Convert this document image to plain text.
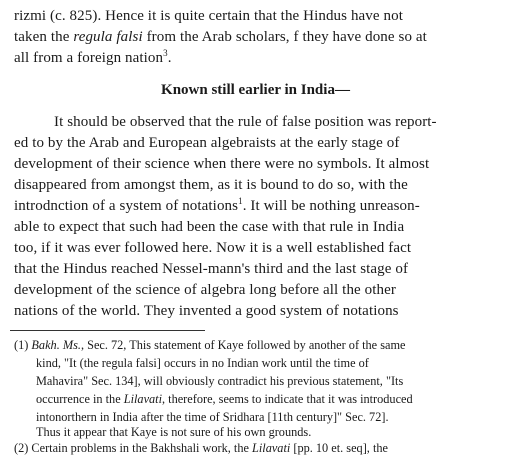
rizmi (c. 825). Hence it is quite certain that the Hindus have not
taken the regula falsi from the Arab scholars, f they have done so at
all from a foreign nation$^3$.
Known still earlier in India—
It should be observed that the rule of false position was report-
ed to by the Arab and European algebraists at the early stage of
development of their science when there were no symbols. It almost
disappeared from amongst them, as it is bound to do so, with the
introdnction of a system of notations$^1$. It will be nothing unreason-
able to expect that such had been the case with that rule in India
too, if it was ever followed here. Now it is a well established fact
that the Hindus reached Nessel-mann's third and the last stage of
development of the science of algebra long before all the other
nations of the world. They invented a good system of notations
(1) Bakh. Ms., Sec. 72, This statement of Kaye followed by another of the same
kind, "It (the regula falsi] occurs in no Indian work until the time of
Mahavira" Sec. 134], will obviously contradict his previous statement, "Its
occurrence in the Lilavati, therefore, seems to indicate that it was introduced
intonorthern in India after the time of Sridhara [11th century]" Sec. 72].
Thus it appear that Kaye is not sure of his own grounds.
(2) Certain problems in the Bakhshali work, the Lilavati [pp. 10 et. seq], the
